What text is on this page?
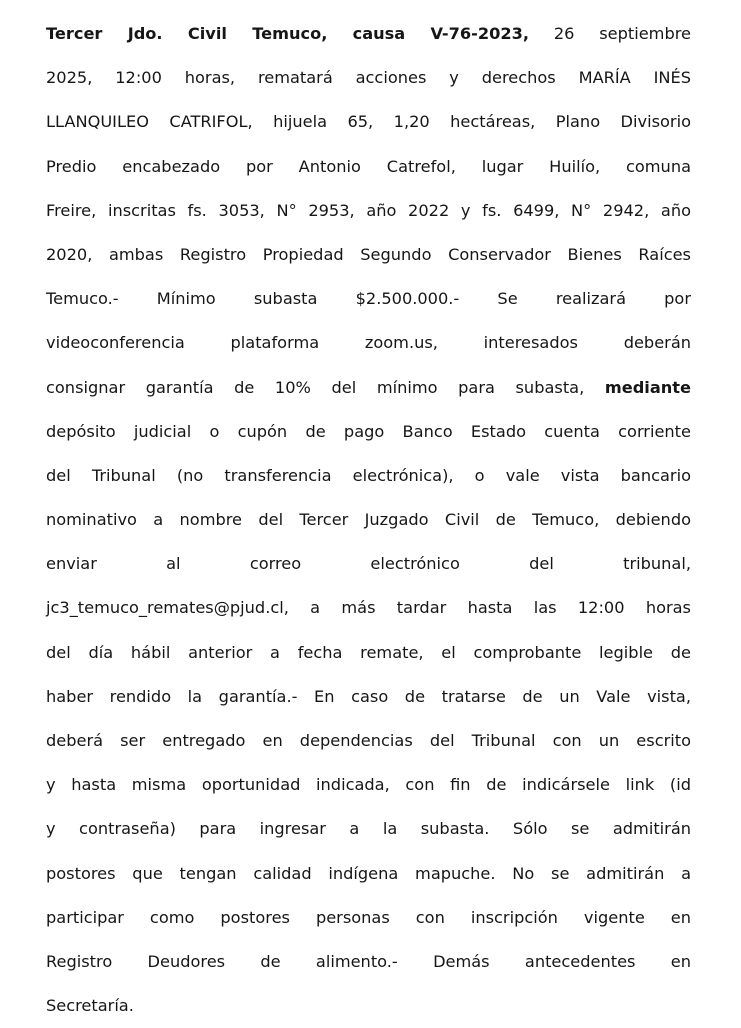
Tercer Jdo. Civil Temuco, causa V-76-2023, 26 septiembre
2025, 12:00 horas, rematará acciones y derechos MARÍA INÉS
LLANQUILEO CATRIFOL, hijuela 65, 1,20 hectáreas, Plano Divisorio
Predio encabezado por Antonio Catrefol, lugar Huilío, comuna
Freire, inscritas fs. 3053, N° 2953, año 2022 y fs. 6499, N° 2942, año
2020, ambas Registro Propiedad Segundo Conservador Bienes Raíces
Temuco.- Mínimo subasta $2.500.000.- Se realizará por
videoconferencia plataforma zoom.us, interesados deberán
consignar garantía de 10% del mínimo para subasta, mediante
depósito judicial o cupón de pago Banco Estado cuenta corriente
del Tribunal (no transferencia electrónica), o vale vista bancario
nominativo a nombre del Tercer Juzgado Civil de Temuco, debiendo
enviar al correo electrónico del tribunal,
jc3_temuco_remates@pjud.cl, a más tardar hasta las 12:00 horas
del día hábil anterior a fecha remate, el comprobante legible de
haber rendido la garantía.- En caso de tratarse de un Vale vista,
deberá ser entregado en dependencias del Tribunal con un escrito
y hasta misma oportunidad indicada, con fin de indicársele link (id
y contraseña) para ingresar a la subasta. Sólo se admitirán
postores que tengan calidad indígena mapuche. No se admitirán a
participar como postores personas con inscripción vigente en
Registro Deudores de alimento.- Demás antecedentes en
Secretaría.
